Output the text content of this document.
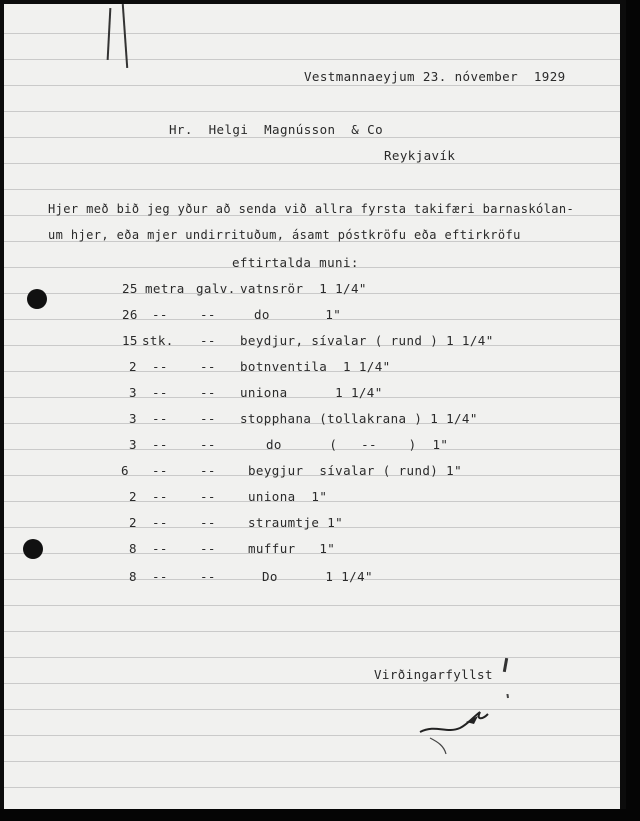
Vestmannaeyjum 23. nóvember  1929
Hr.  Helgi  Magnússon  & Co
Reykjavík
Hjer með bið jeg yður að senda við allra fyrsta takifæri barnaskólan-
um hjer, eða mjer undirrituðum, ásamt póstkröfu eða eftirkröfu
eftirtalda muni:
25 metra galv. vatnsrör  1 1/4"
26 --	--	do       1"
15 stk. -- beydjur, sívalar ( rund ) 1 1/4"
2 --	-- botnventila  1 1/4"
3 --	-- uniona      1 1/4"
3 --	-- stopphana (tollakrana ) 1 1/4"
3 --	--	do      (   --    )  1"
6 --	--	beygjur  sívalar ( rund) 1"
2 --	--	uniona  1"
2 --	--	straumtje 1"
8 --	--	muffur   1"
8 --	--	Do      1 1/4"
Virðingarfyllst
